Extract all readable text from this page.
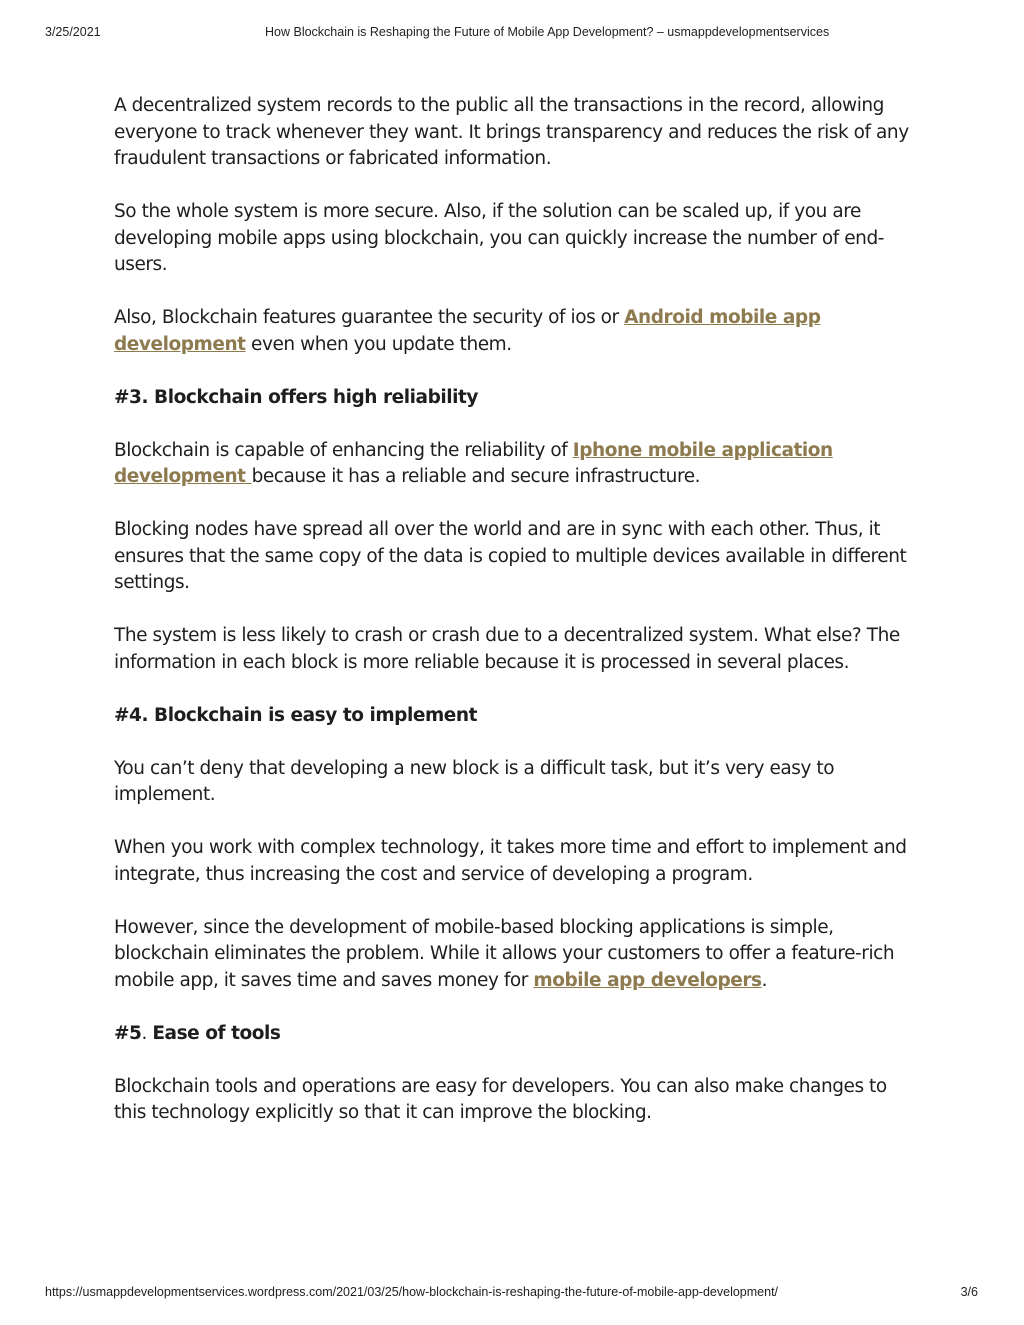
3/25/2021	How Blockchain is Reshaping the Future of Mobile App Development? – usmappdevelopmentservices

A decentralized system records to the public all the transactions in the record, allowing everyone to track whenever they want. It brings transparency and reduces the risk of any fraudulent transactions or fabricated information.

So the whole system is more secure. Also, if the solution can be scaled up, if you are developing mobile apps using blockchain, you can quickly increase the number of end-users.

Also, Blockchain features guarantee the security of ios or Android mobile app development even when you update them.

#3. Blockchain offers high reliability

Blockchain is capable of enhancing the reliability of Iphone mobile application development because it has a reliable and secure infrastructure.

Blocking nodes have spread all over the world and are in sync with each other. Thus, it ensures that the same copy of the data is copied to multiple devices available in different settings.

The system is less likely to crash or crash due to a decentralized system. What else? The information in each block is more reliable because it is processed in several places.

#4. Blockchain is easy to implement

You can’t deny that developing a new block is a difficult task, but it’s very easy to implement.

When you work with complex technology, it takes more time and effort to implement and integrate, thus increasing the cost and service of developing a program.

However, since the development of mobile-based blocking applications is simple, blockchain eliminates the problem. While it allows your customers to offer a feature-rich mobile app, it saves time and saves money for mobile app developers.

#5. Ease of tools

Blockchain tools and operations are easy for developers. You can also make changes to this technology explicitly so that it can improve the blocking.

https://usmappdevelopmentservices.wordpress.com/2021/03/25/how-blockchain-is-reshaping-the-future-of-mobile-app-development/	3/6
